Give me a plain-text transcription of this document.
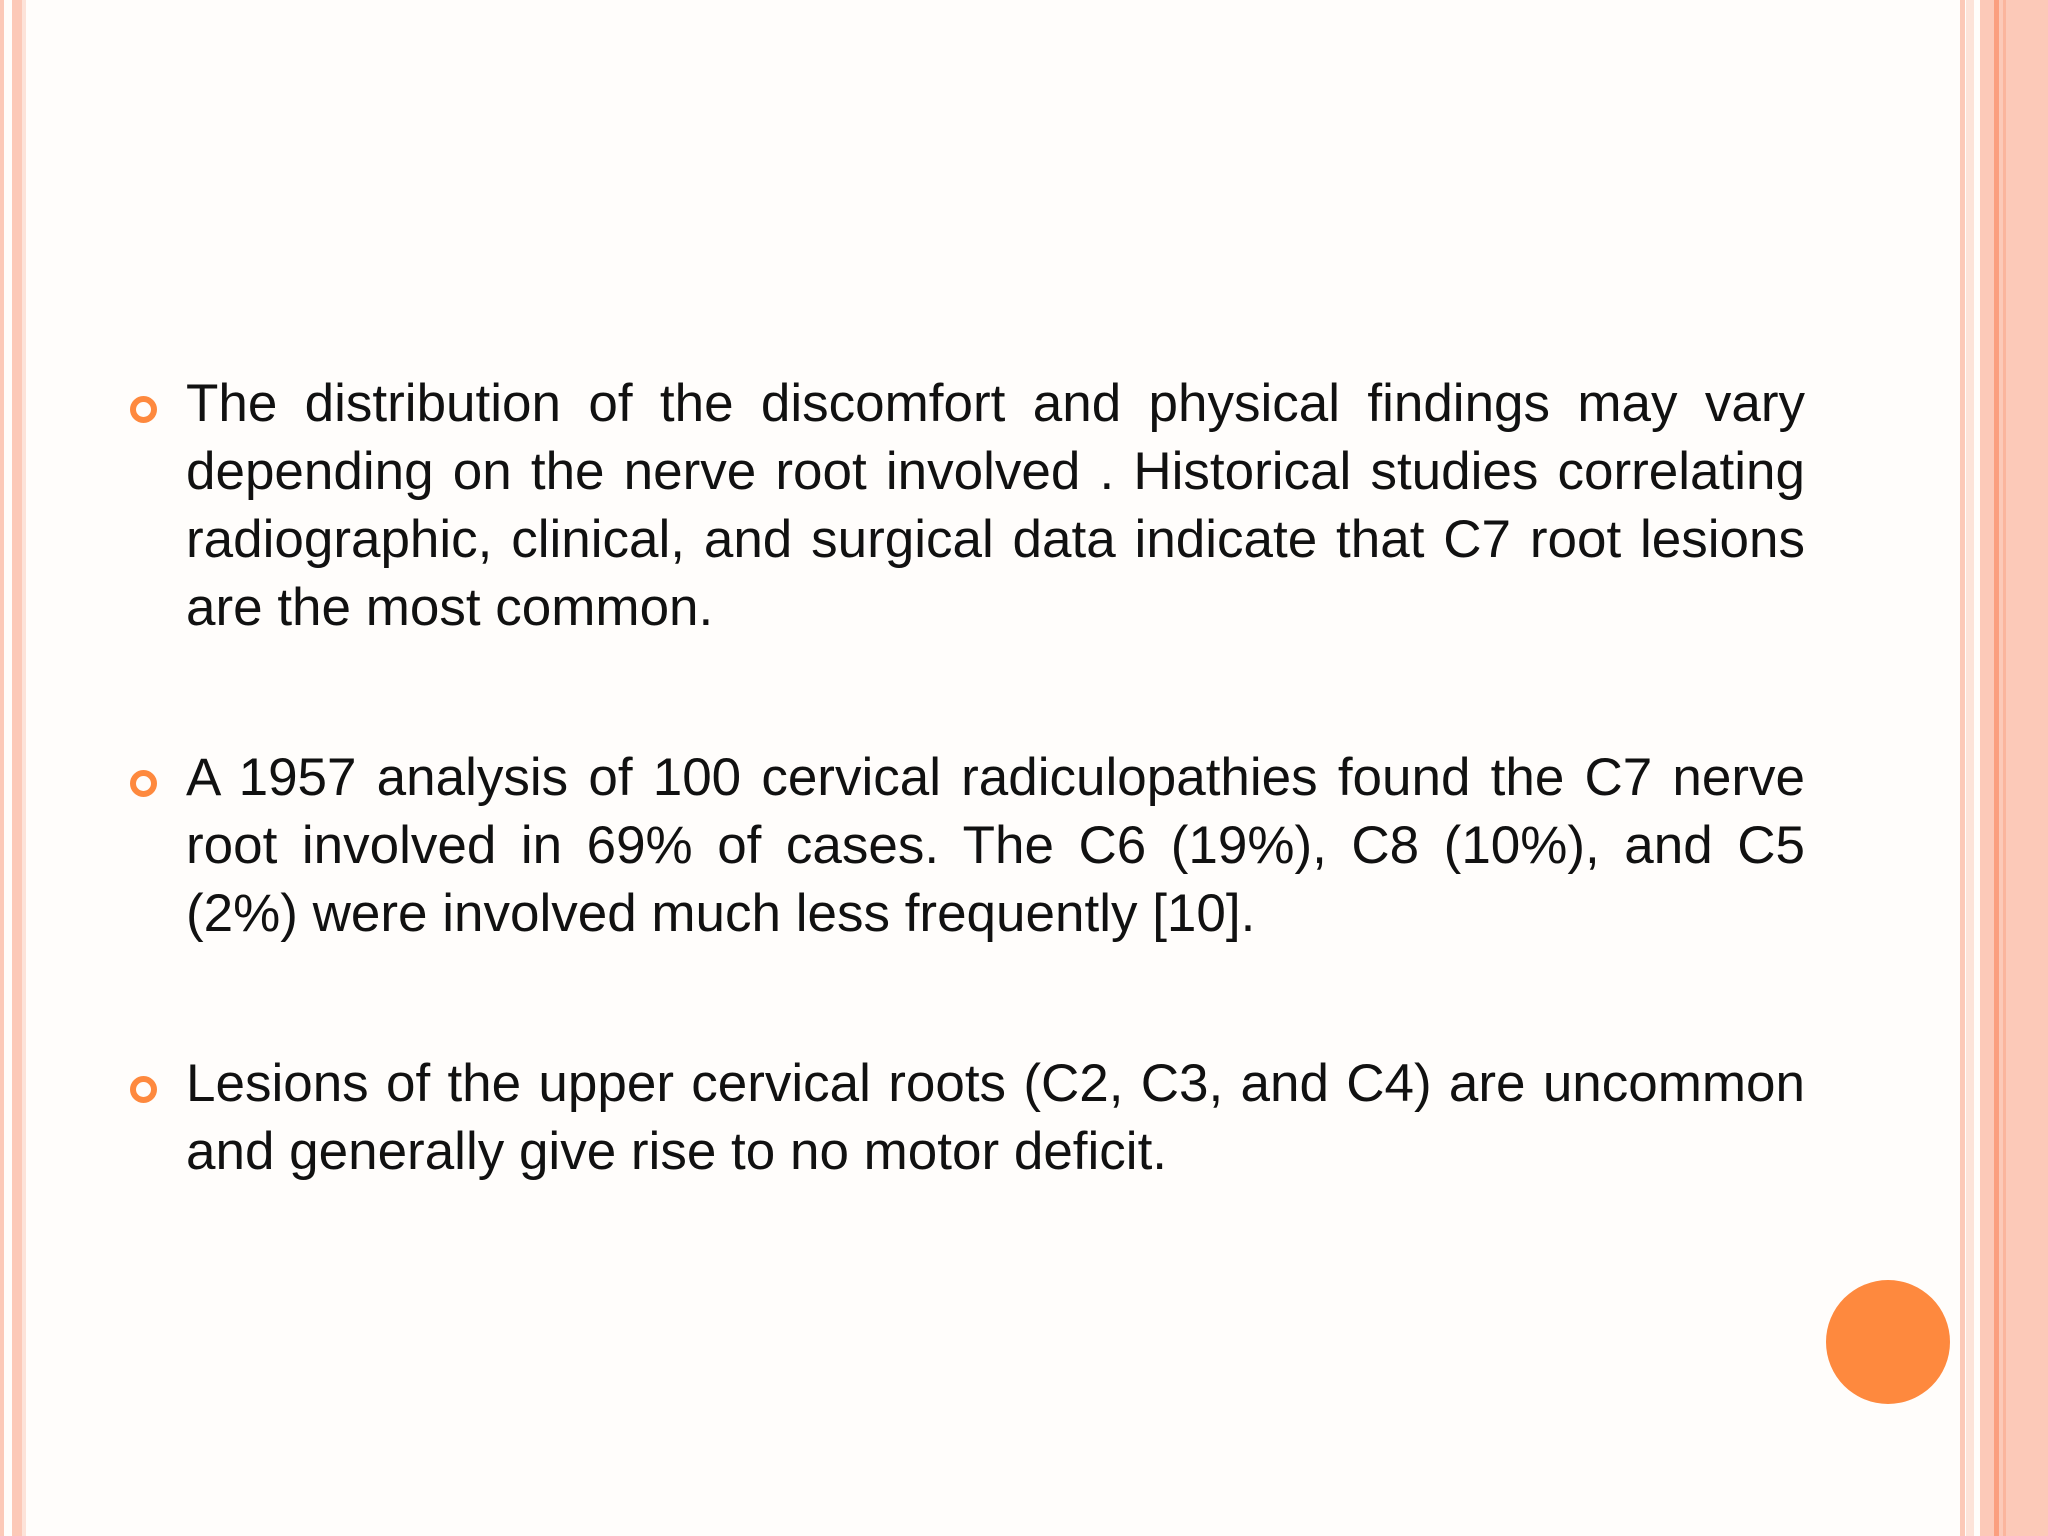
The distribution of the discomfort and physical findings may vary depending on the nerve root involved . Historical studies correlating radiographic, clinical, and surgical data indicate that C7 root lesions are the most common.
A 1957 analysis of 100 cervical radiculopathies found the C7 nerve root involved in 69% of cases. The C6 (19%), C8 (10%), and C5 (2%) were involved much less frequently [10].
Lesions of the upper cervical roots (C2, C3, and C4) are uncommon and generally give rise to no motor deficit.
